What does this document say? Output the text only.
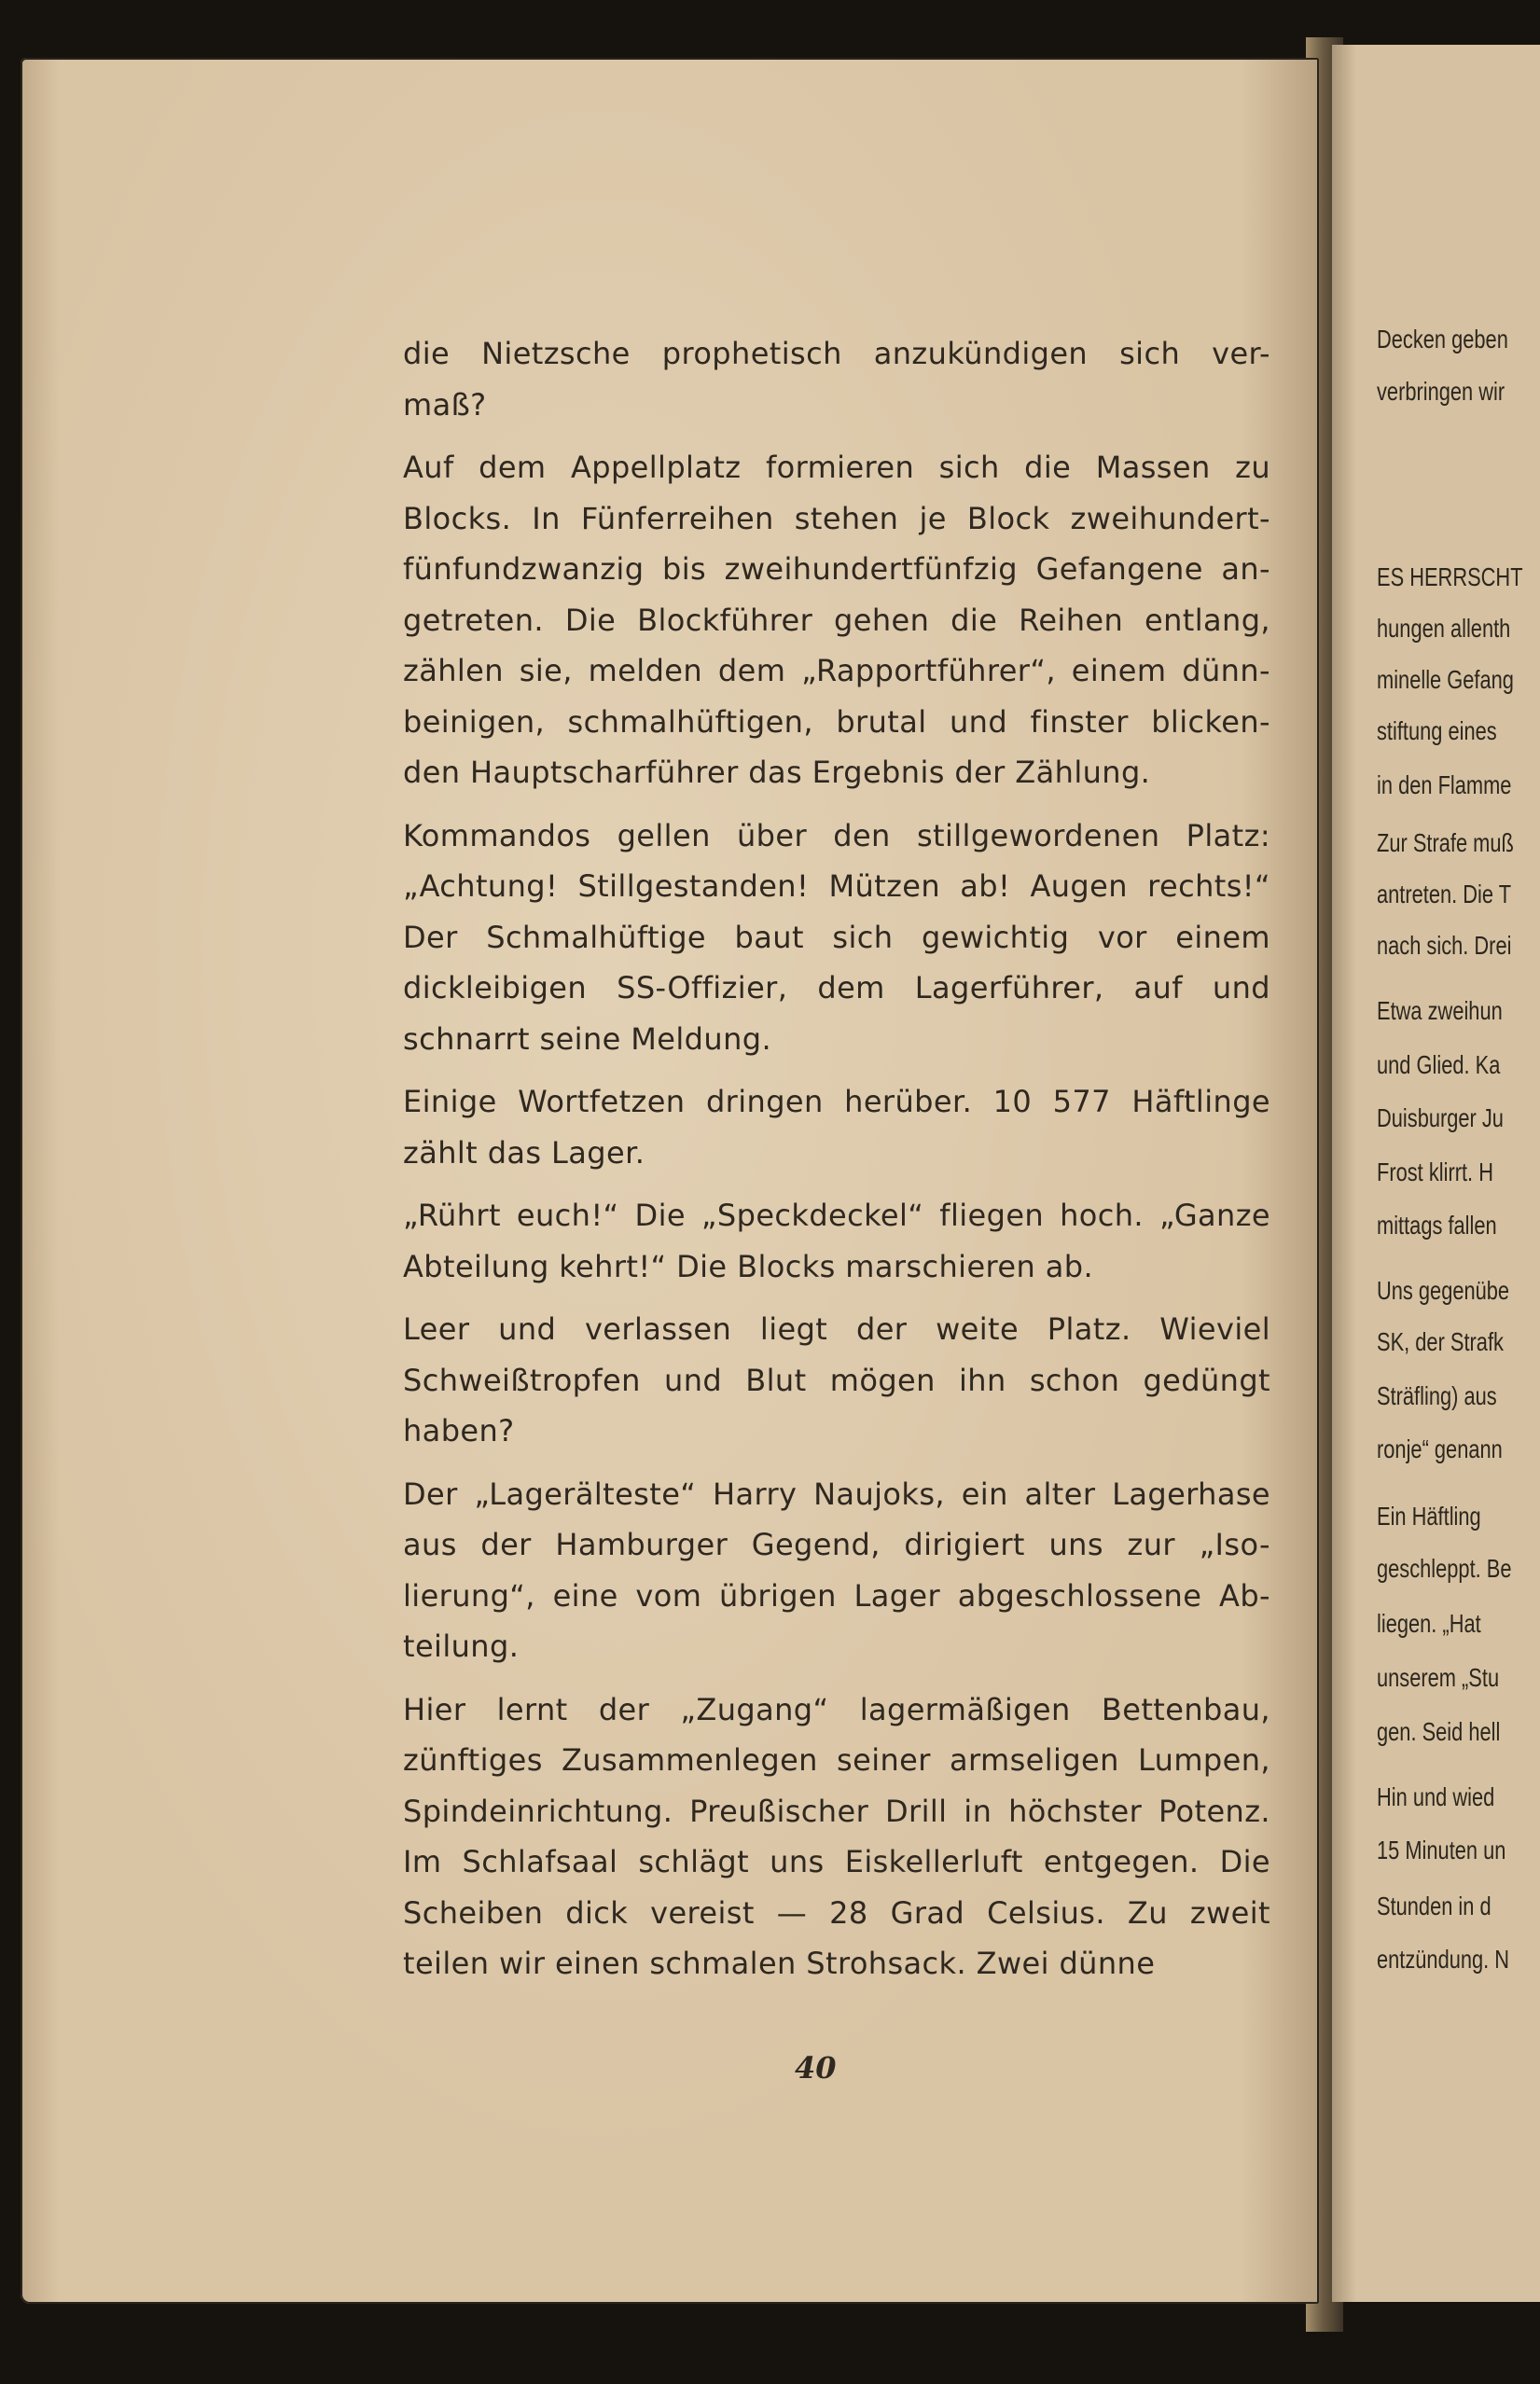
Decken geben
verbringen wir
ES HERRSCHT
hungen allenth
minelle Gefang
stiftung eines
in den Flamme
Zur Strafe muß
antreten. Die T
nach sich. Drei
Etwa zweihun
und Glied. Ka
Duisburger Ju
Frost klirrt. H
mittags fallen
Uns gegenübe
SK, der Strafk
Sträfling) aus
ronje“ genann
Ein Häftling
geschleppt. Be
liegen. „Hat
unserem „Stu
gen. Seid hell
Hin und wied
15 Minuten un
Stunden in d
entzündung. N
die Nietzsche prophetisch anzukündigen sich ver-
maß?
Auf dem Appellplatz formieren sich die Massen zu
Blocks. In Fünferreihen stehen je Block zweihundert-
fünfundzwanzig bis zweihundertfünfzig Gefangene an-
getreten. Die Blockführer gehen die Reihen entlang,
zählen sie, melden dem „Rapportführer“, einem dünn-
beinigen, schmalhüftigen, brutal und finster blicken-
den Hauptscharführer das Ergebnis der Zählung.
Kommandos gellen über den stillgewordenen Platz:
„Achtung! Stillgestanden! Mützen ab! Augen rechts!“
Der Schmalhüftige baut sich gewichtig vor einem
dickleibigen SS-Offizier, dem Lagerführer, auf und
schnarrt seine Meldung.
Einige Wortfetzen dringen herüber. 10 577 Häftlinge
zählt das Lager.
„Rührt euch!“ Die „Speckdeckel“ fliegen hoch. „Ganze
Abteilung kehrt!“ Die Blocks marschieren ab.
Leer und verlassen liegt der weite Platz. Wieviel
Schweißtropfen und Blut mögen ihn schon gedüngt
haben?
Der „Lagerälteste“ Harry Naujoks, ein alter Lagerhase
aus der Hamburger Gegend, dirigiert uns zur „Iso-
lierung“, eine vom übrigen Lager abgeschlossene Ab-
teilung.
Hier lernt der „Zugang“ lagermäßigen Bettenbau,
zünftiges Zusammenlegen seiner armseligen Lumpen,
Spindeinrichtung. Preußischer Drill in höchster Potenz.
Im Schlafsaal schlägt uns Eiskellerluft entgegen. Die
Scheiben dick vereist — 28 Grad Celsius. Zu zweit
teilen wir einen schmalen Strohsack. Zwei dünne
40
